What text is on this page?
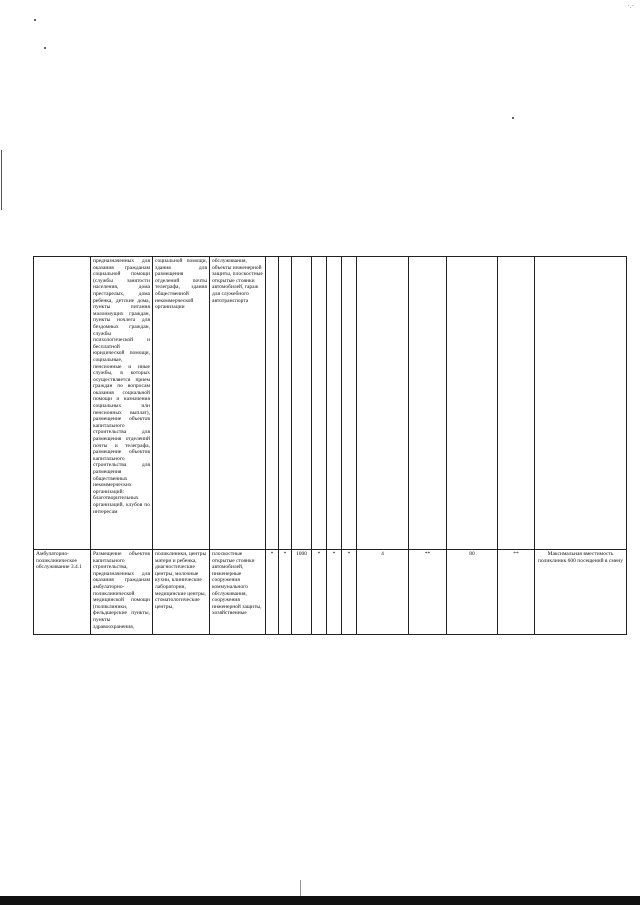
·.·
	предназначенных для оказания гражданам социальной помощи (службы занятости населения, дома престарелых, дома ребенка, детские дома, пункты питания малоимущих граждан, пункты ночлега для бездомных граждан, службы психологической и бесплатной юридической помощи, социальные, пенсионные и иные службы, в которых осуществляется прием граждан по вопросам оказания социальной помощи и назначения социальных или пенсионных выплат), размещение объектов капитального строительства для размещения отделений почты и телеграфа, размещение объектов капитального строительства для размещения общественных некоммерческих организаций: благотворительных организаций, клубов по интересам	социальной помощи, здания для размещения отделений почты телеграфа, здания общественной некоммерческой организации	обслуживания, объекты инженерной защиты, плоскостные открытые стоянки автомобилей, гараж для служебного автотранспорта											
Амбулаторно-поликлиническое обслуживание 3.4.1	Размещение объектов капитального строительства, предназначенных для оказания гражданам амбулаторно-поликлинической медицинской помощи (поликлиники, фельдшерские пункты, пункты здравоохранения,	поликлиники, центры матери и ребенка, диагностические центры, молочные кухни, клинические лаборатории, медицинские центры, стоматологические центры,	плоскостные открытые стоянки автомобилей, инженерные сооружения коммунального обслуживания, сооружения инженерной защиты, хозяйственные	*	*	1000	*	*	*	4	**	80	**	Максимальная вместимость поликлиник 600 посещений в смену
